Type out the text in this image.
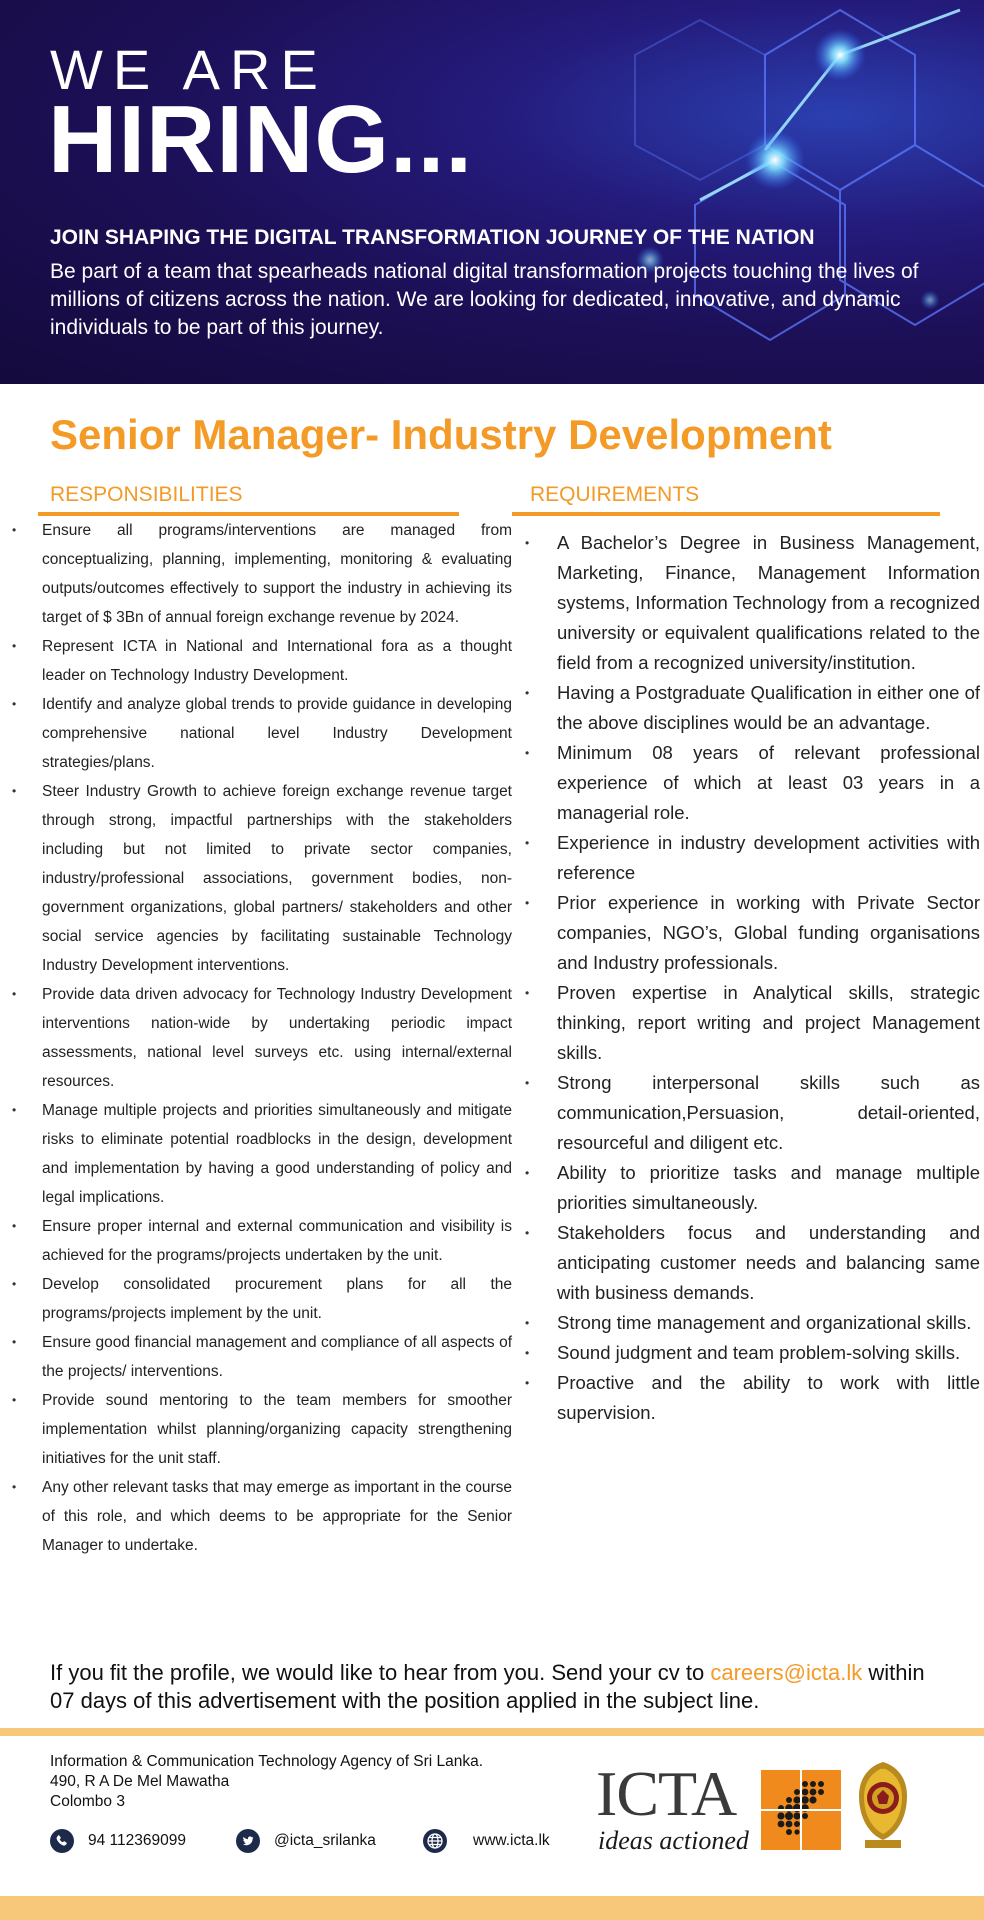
WE ARE
HIRING...
JOIN SHAPING THE DIGITAL TRANSFORMATION JOURNEY OF THE NATION
Be part of a team that spearheads national digital transformation projects touching the lives of millions of citizens across the nation. We are looking for dedicated, innovative, and dynamic individuals to be part of this journey.
Senior Manager- Industry Development
RESPONSIBILITIES
• Ensure all programs/interventions are managed from conceptualizing, planning, implementing, monitoring & evaluating outputs/outcomes effectively to support the industry in achieving its target of $ 3Bn of annual foreign exchange revenue by 2024.
• Represent ICTA in National and International fora as a thought leader on Technology Industry Development.
• Identify and analyze global trends to provide guidance in developing comprehensive national level Industry Development strategies/plans.
• Steer Industry Growth to achieve foreign exchange revenue target through strong, impactful partnerships with the stakeholders including but not limited to private sector companies, industry/professional associations, government bodies, non-government organizations, global partners/ stakeholders and other social service agencies by facilitating sustainable Technology Industry Development interventions.
• Provide data driven advocacy for Technology Industry Development interventions nation-wide by undertaking periodic impact assessments, national level surveys etc. using internal/external resources.
• Manage multiple projects and priorities simultaneously and mitigate risks to eliminate potential roadblocks in the design, development and implementation by having a good understanding of policy and legal implications.
• Ensure proper internal and external communication and visibility is achieved for the programs/projects undertaken by the unit.
• Develop consolidated procurement plans for all the programs/projects implement by the unit.
• Ensure good financial management and compliance of all aspects of the projects/ interventions.
• Provide sound mentoring to the team members for smoother implementation whilst planning/organizing capacity strengthening initiatives for the unit staff.
• Any other relevant tasks that may emerge as important in the course of this role, and which deems to be appropriate for the Senior Manager to undertake.
REQUIREMENTS
• A Bachelor’s Degree in Business Management, Marketing, Finance, Management Information systems, Information Technology from a recognized university or equivalent qualifications related to the field from a recognized university/institution.
• Having a Postgraduate Qualification in either one of the above disciplines would be an advantage.
• Minimum 08 years of relevant professional experience of which at least 03 years in a managerial role.
• Experience in industry development activities with reference
• Prior experience in working with Private Sector companies, NGO’s, Global funding organisations and Industry professionals.
• Proven expertise in Analytical skills, strategic thinking, report writing and project Management skills.
• Strong interpersonal skills such as communication,Persuasion, detail-oriented, resourceful and diligent etc.
• Ability to prioritize tasks and manage multiple priorities simultaneously.
• Stakeholders focus and understanding and anticipating customer needs and balancing same with business demands.
• Strong time management and organizational skills.
• Sound judgment and team problem-solving skills.
• Proactive and the ability to work with little supervision.

If you fit the profile, we would like to hear from you. Send your cv to careers@icta.lk within 07 days of this advertisement with the position applied in the subject line.

Information & Communication Technology Agency of Sri Lanka.
490, R A De Mel Mawatha
Colombo 3
94 112369099	@icta_srilanka	www.icta.lk
ICTA
ideas actioned
